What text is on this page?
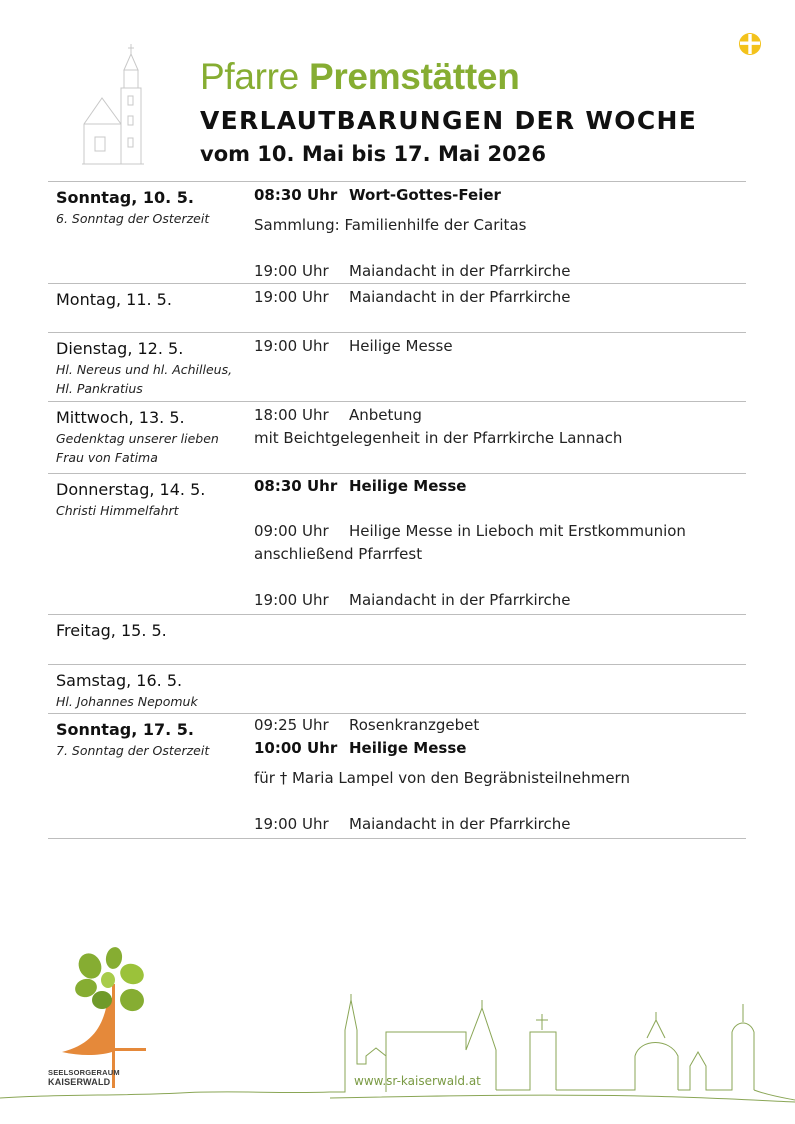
Pfarre Premstätten
VERLAUTBARUNGEN DER WOCHE
vom 10. Mai bis 17. Mai 2026
Sonntag, 10. 5.
6. Sonntag der Osterzeit
08:30 Uhr Wort-Gottes-Feier
Sammlung: Familienhilfe der Caritas
19:00 Uhr Maiandacht in der Pfarrkirche
Montag, 11. 5.	19:00 Uhr Maiandacht in der Pfarrkirche
Dienstag, 12. 5.
Hl. Nereus und hl. Achilleus,
Hl. Pankratius
19:00 Uhr Heilige Messe
Mittwoch, 13. 5.
Gedenktag unserer lieben
Frau von Fatima
18:00 Uhr Anbetung
mit Beichtgelegenheit in der Pfarrkirche Lannach
Donnerstag, 14. 5.
Christi Himmelfahrt
08:30 Uhr Heilige Messe
09:00 Uhr Heilige Messe in Lieboch mit Erstkommunion
anschließend Pfarrfest
19:00 Uhr Maiandacht in der Pfarrkirche
Freitag, 15. 5.
Samstag, 16. 5.
Hl. Johannes Nepomuk
Sonntag, 17. 5.
7. Sonntag der Osterzeit
09:25 Uhr Rosenkranzgebet
10:00 Uhr Heilige Messe
für † Maria Lampel von den Begräbnisteilnehmern
19:00 Uhr Maiandacht in der Pfarrkirche
SEELSORGERAUM
KAISERWALD	www.sr-kaiserwald.at
